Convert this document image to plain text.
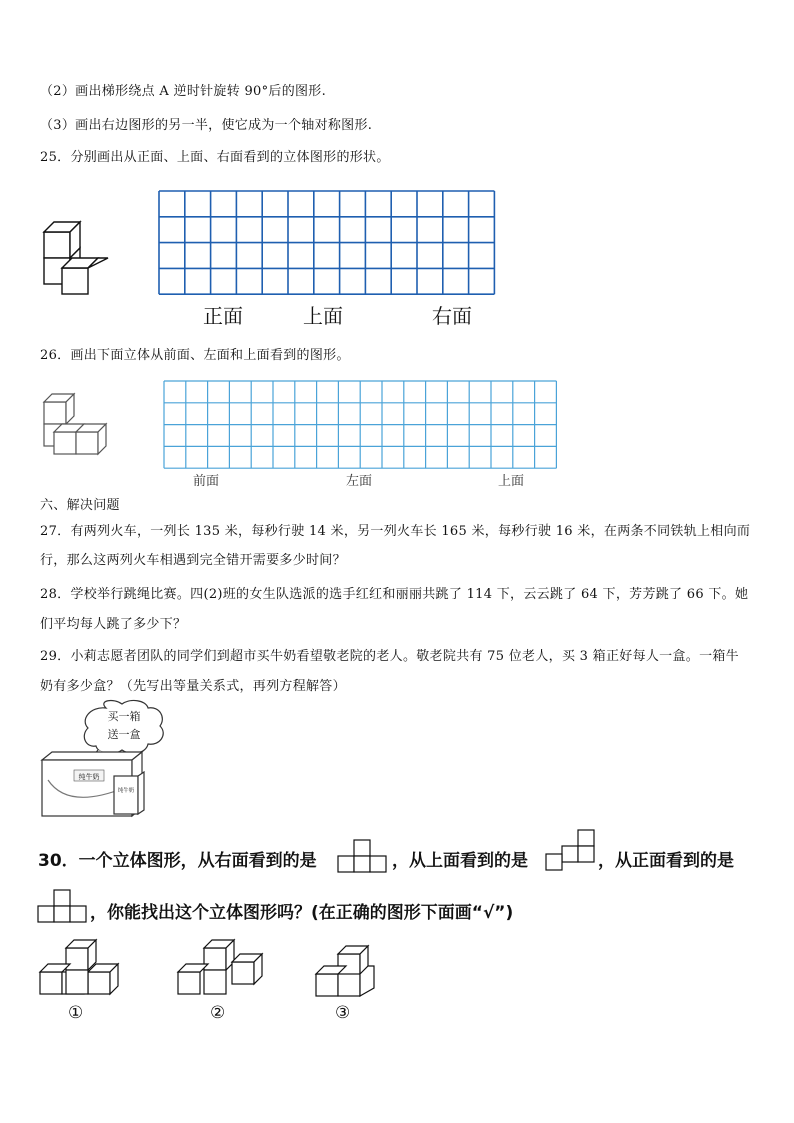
（2）画出梯形绕点 A 逆时针旋转 90°后的图形.
（3）画出右边图形的另一半，使它成为一个轴对称图形.
25．分别画出从正面、上面、右面看到的立体图形的形状。
正面	上面	右面
26．画出下面立体从前面、左面和上面看到的图形。
前面	左面	上面
六、解决问题
27．有两列火车，一列长 135 米，每秒行驶 14 米，另一列火车长 165 米，每秒行驶 16 米，在两条不同铁轨上相向而
行，那么这两列火车相遇到完全错开需要多少时间？
28．学校举行跳绳比赛。四(2)班的女生队选派的选手红红和丽丽共跳了 114 下，云云跳了 64 下，芳芳跳了 66 下。她
们平均每人跳了多少下？
29．小莉志愿者团队的同学们到超市买牛奶看望敬老院的老人。敬老院共有 75 位老人，买 3 箱正好每人一盒。一箱牛
奶有多少盒？（先写出等量关系式，再列方程解答）
买一箱
送一盒
纯牛奶
纯牛奶
30．一个立体图形，从右面看到的是	，从上面看到的是	，从正面看到的是
，你能找出这个立体图形吗？(在正确的图形下面画“√”)
①	②	③
